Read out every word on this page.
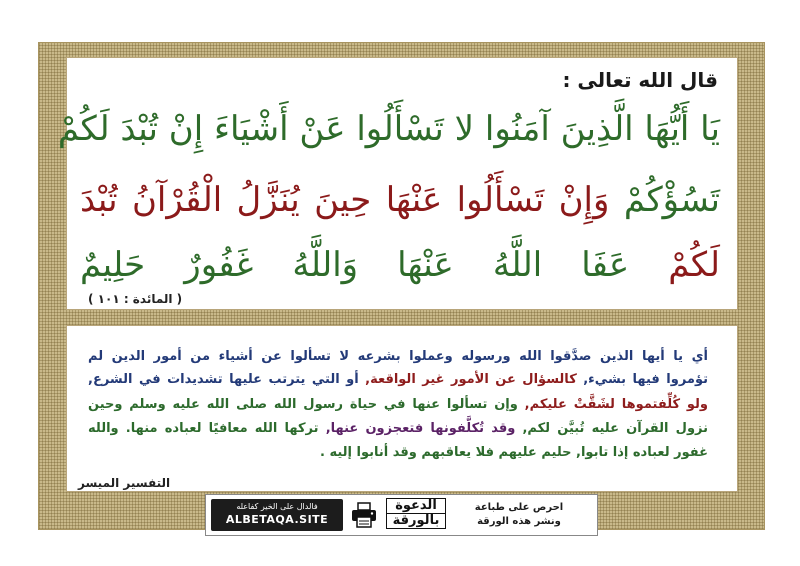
قال الله تعالى :
يَا أَيُّهَا الَّذِينَ آمَنُوا لا تَسْأَلُوا عَنْ أَشْيَاءَ إِنْ تُبْدَ لَكُمْ
تَسُؤْكُمْ وَإِنْ تَسْأَلُوا عَنْهَا حِينَ يُنَزَّلُ الْقُرْآنُ تُبْدَ
لَكُمْ عَفَا اللَّهُ عَنْهَا وَاللَّهُ غَفُورٌ حَلِيمٌ
( المائدة : ١٠١ )
أي يا أيها الذين صدَّقوا الله ورسوله وعملوا بشرعه لا تسألوا عن أشياء من أمور الدين لم
تؤمروا فيها بشيء, كالسؤال عن الأمور غير الواقعة, أو التي يترتب عليها تشديدات في الشرع,
ولو كُلِّفتموها لشَقَّتْ عليكم, وإن تسألوا عنها في حياة رسول الله صلى الله عليه وسلم وحين
نزول القرآن عليه تُبيَّن لكم, وقد تُكلَّفونها فتعجزون عنها, تركها الله معافيًا لعباده منها. والله
غفور لعباده إذا تابوا, حليم عليهم فلا يعاقبهم وقد أنابوا إليه .
التفسير الميسر
فالدال على الخير كفاعله
ALBETAQA.SITE
الدعوة
بالورقة
احرص على طباعة
ونشر هذه الورقة
